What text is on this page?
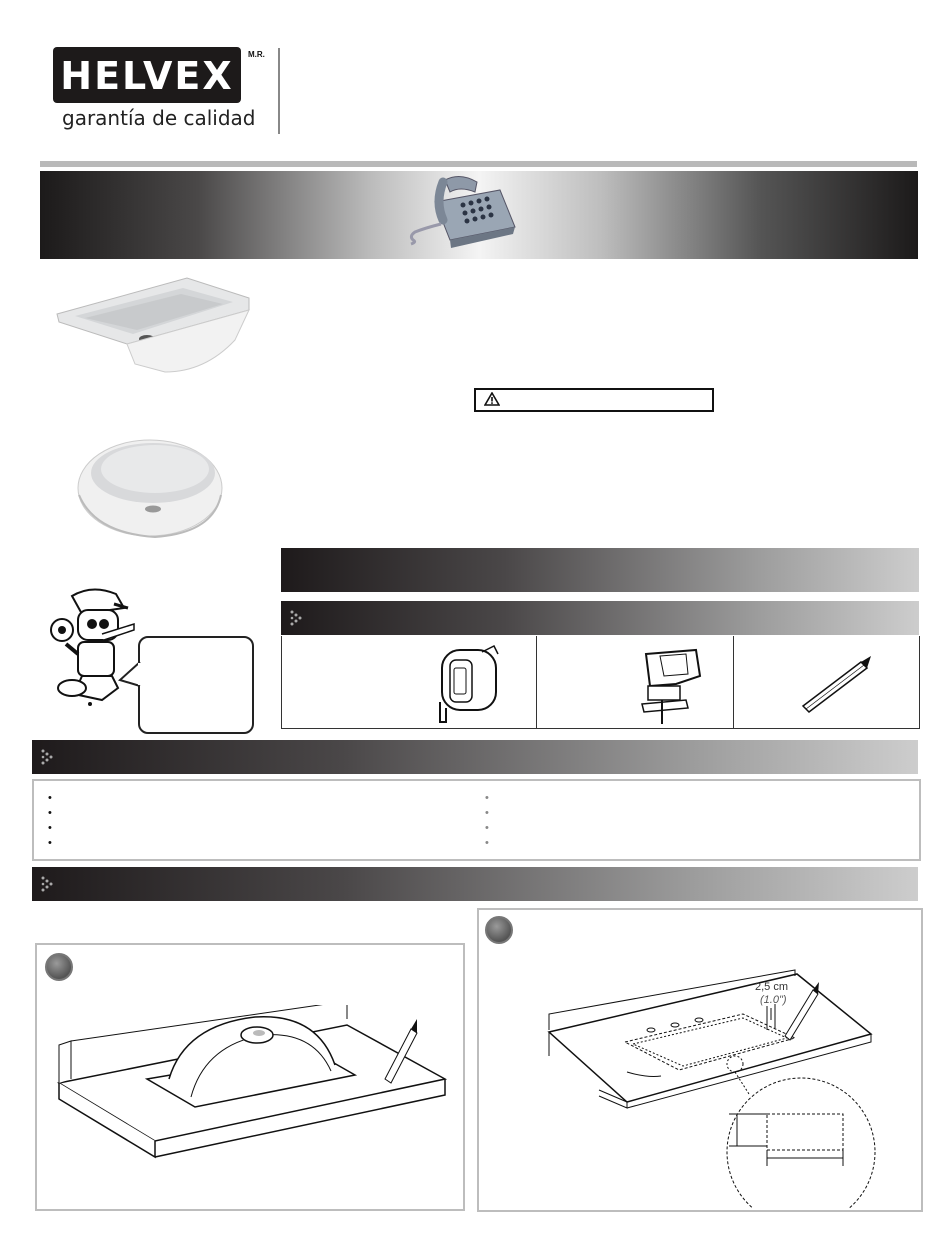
HELVEX	M.R.
garantía de calidad
•
•
•
•
•
•
•
•
2,5 cm
(1.0")
